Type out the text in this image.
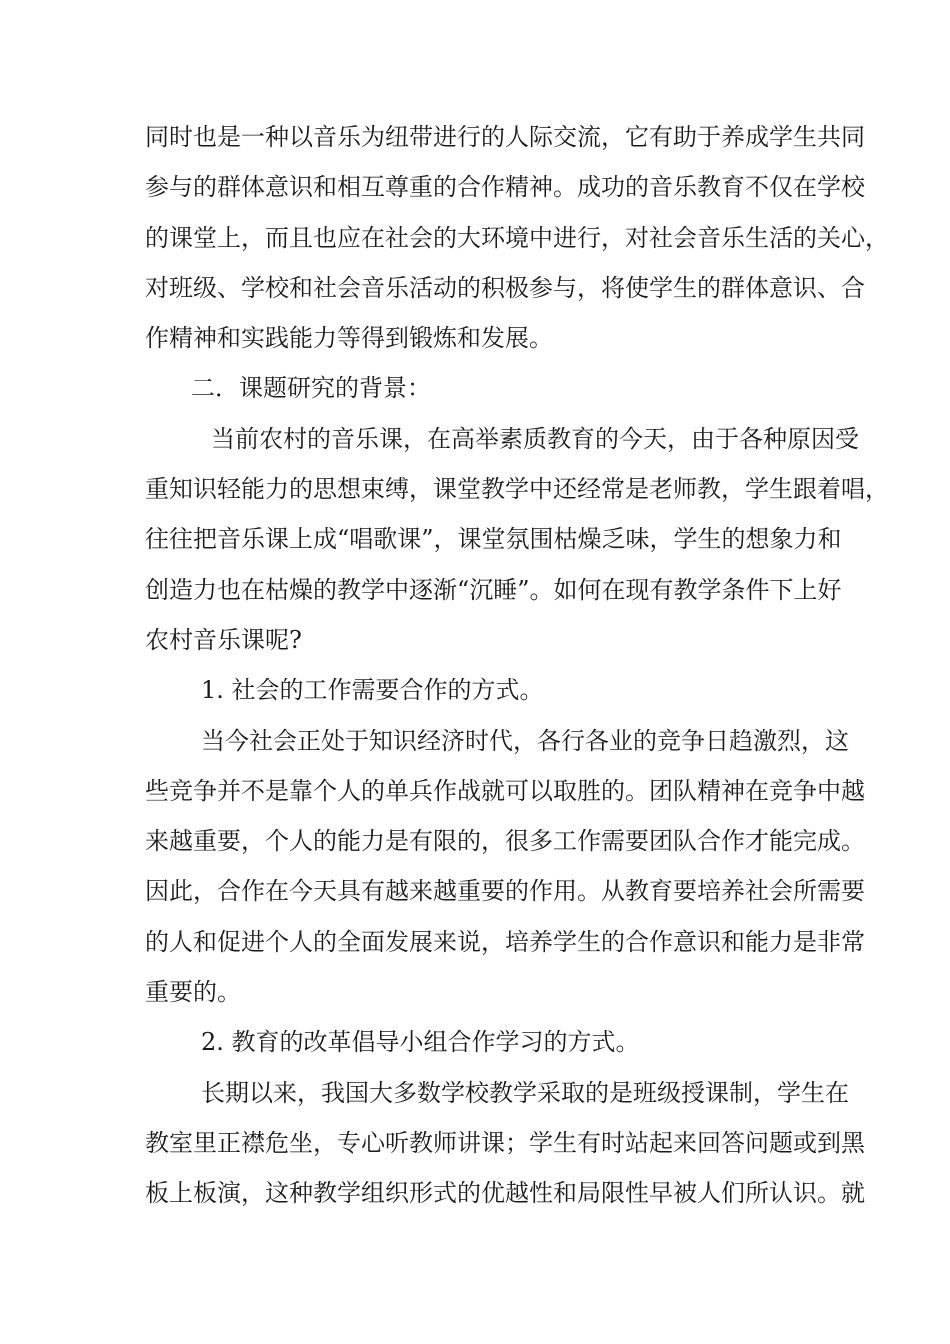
同时也是一种以音乐为纽带进行的人际交流，它有助于养成学生共同
参与的群体意识和相互尊重的合作精神。成功的音乐教育不仅在学校
的课堂上，而且也应在社会的大环境中进行，对社会音乐生活的关心，
对班级、学校和社会音乐活动的积极参与，将使学生的群体意识、合
作精神和实践能力等得到锻炼和发展。
二．课题研究的背景：
当前农村的音乐课，在高举素质教育的今天，由于各种原因受
重知识轻能力的思想束缚，课堂教学中还经常是老师教，学生跟着唱，
往往把音乐课上成“唱歌课”，课堂氛围枯燥乏味，学生的想象力和
创造力也在枯燥的教学中逐渐“沉睡”。如何在现有教学条件下上好
农村音乐课呢?
1. 社会的工作需要合作的方式。
当今社会正处于知识经济时代，各行各业的竞争日趋激烈，这
些竞争并不是靠个人的单兵作战就可以取胜的。团队精神在竞争中越
来越重要，个人的能力是有限的，很多工作需要团队合作才能完成。
因此，合作在今天具有越来越重要的作用。从教育要培养社会所需要
的人和促进个人的全面发展来说，培养学生的合作意识和能力是非常
重要的。
2. 教育的改革倡导小组合作学习的方式。
长期以来，我国大多数学校教学采取的是班级授课制，学生在
教室里正襟危坐，专心听教师讲课；学生有时站起来回答问题或到黑
板上板演，这种教学组织形式的优越性和局限性早被人们所认识。就
